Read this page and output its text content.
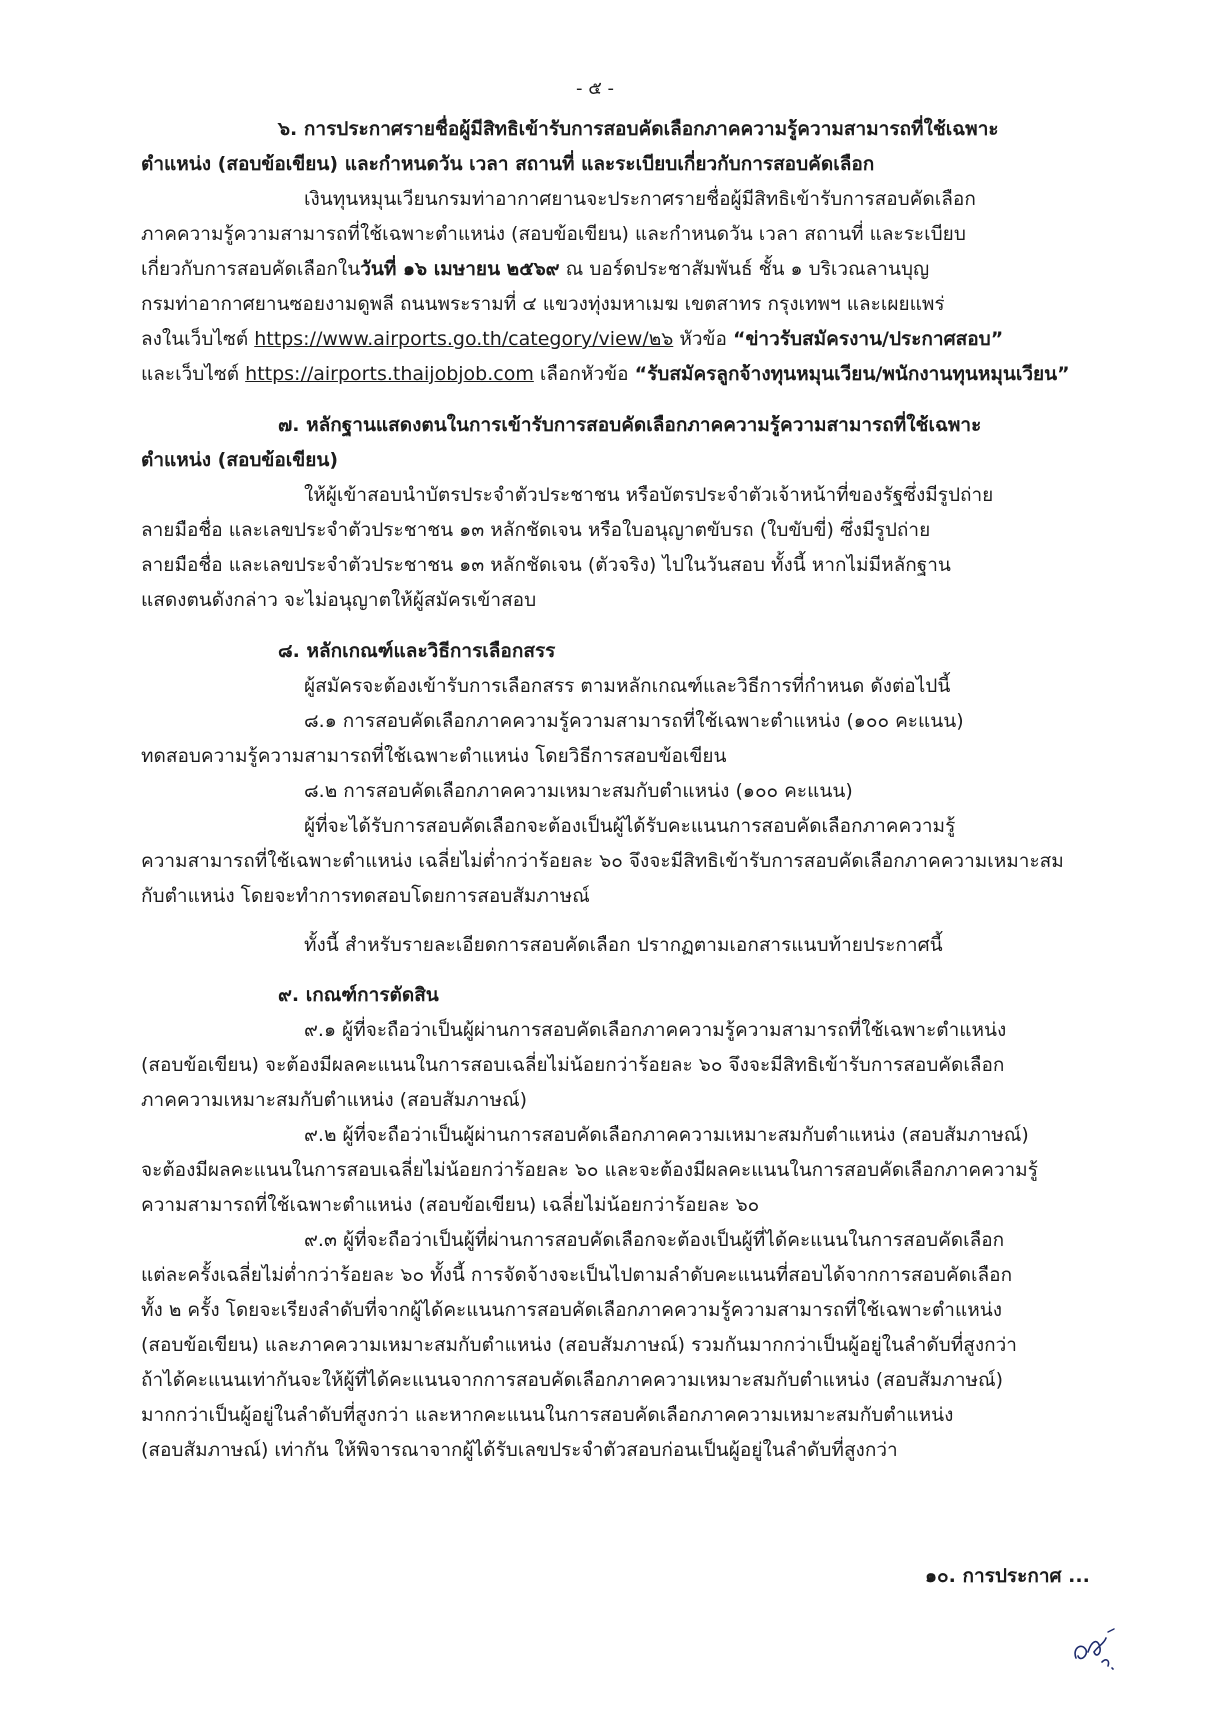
- ๕ -
๖. การประกาศรายชื่อผู้มีสิทธิเข้ารับการสอบคัดเลือกภาคความรู้ความสามารถที่ใช้เฉพาะ
ตำแหน่ง (สอบข้อเขียน) และกำหนดวัน เวลา สถานที่ และระเบียบเกี่ยวกับการสอบคัดเลือก
เงินทุนหมุนเวียนกรมท่าอากาศยานจะประกาศรายชื่อผู้มีสิทธิเข้ารับการสอบคัดเลือก
ภาคความรู้ความสามารถที่ใช้เฉพาะตำแหน่ง (สอบข้อเขียน) และกำหนดวัน เวลา สถานที่ และระเบียบ
เกี่ยวกับการสอบคัดเลือกในวันที่ ๑๖ เมษายน ๒๕๖๙ ณ บอร์ดประชาสัมพันธ์ ชั้น ๑ บริเวณลานบุญ
กรมท่าอากาศยานซอยงามดูพลี ถนนพระรามที่ ๔ แขวงทุ่งมหาเมฆ เขตสาทร กรุงเทพฯ และเผยแพร่
ลงในเว็บไซต์ https://www.airports.go.th/category/view/๒๖ หัวข้อ “ข่าวรับสมัครงาน/ประกาศสอบ”
และเว็บไซต์ https://airports.thaijobjob.com เลือกหัวข้อ “รับสมัครลูกจ้างทุนหมุนเวียน/พนักงานทุนหมุนเวียน”
๗. หลักฐานแสดงตนในการเข้ารับการสอบคัดเลือกภาคความรู้ความสามารถที่ใช้เฉพาะ
ตำแหน่ง (สอบข้อเขียน)
ให้ผู้เข้าสอบนำบัตรประจำตัวประชาชน หรือบัตรประจำตัวเจ้าหน้าที่ของรัฐซึ่งมีรูปถ่าย
ลายมือชื่อ และเลขประจำตัวประชาชน ๑๓ หลักชัดเจน หรือใบอนุญาตขับรถ (ใบขับขี่) ซึ่งมีรูปถ่าย
ลายมือชื่อ และเลขประจำตัวประชาชน ๑๓ หลักชัดเจน (ตัวจริง) ไปในวันสอบ ทั้งนี้ หากไม่มีหลักฐาน
แสดงตนดังกล่าว จะไม่อนุญาตให้ผู้สมัครเข้าสอบ
๘. หลักเกณฑ์และวิธีการเลือกสรร
ผู้สมัครจะต้องเข้ารับการเลือกสรร ตามหลักเกณฑ์และวิธีการที่กำหนด ดังต่อไปนี้
๘.๑ การสอบคัดเลือกภาคความรู้ความสามารถที่ใช้เฉพาะตำแหน่ง (๑๐๐ คะแนน)
ทดสอบความรู้ความสามารถที่ใช้เฉพาะตำแหน่ง โดยวิธีการสอบข้อเขียน
๘.๒ การสอบคัดเลือกภาคความเหมาะสมกับตำแหน่ง (๑๐๐ คะแนน)
ผู้ที่จะได้รับการสอบคัดเลือกจะต้องเป็นผู้ได้รับคะแนนการสอบคัดเลือกภาคความรู้
ความสามารถที่ใช้เฉพาะตำแหน่ง เฉลี่ยไม่ต่ำกว่าร้อยละ ๖๐ จึงจะมีสิทธิเข้ารับการสอบคัดเลือกภาคความเหมาะสม
กับตำแหน่ง โดยจะทำการทดสอบโดยการสอบสัมภาษณ์
ทั้งนี้ สำหรับรายละเอียดการสอบคัดเลือก ปรากฏตามเอกสารแนบท้ายประกาศนี้
๙. เกณฑ์การตัดสิน
๙.๑ ผู้ที่จะถือว่าเป็นผู้ผ่านการสอบคัดเลือกภาคความรู้ความสามารถที่ใช้เฉพาะตำแหน่ง
(สอบข้อเขียน) จะต้องมีผลคะแนนในการสอบเฉลี่ยไม่น้อยกว่าร้อยละ ๖๐ จึงจะมีสิทธิเข้ารับการสอบคัดเลือก
ภาคความเหมาะสมกับตำแหน่ง (สอบสัมภาษณ์)
๙.๒ ผู้ที่จะถือว่าเป็นผู้ผ่านการสอบคัดเลือกภาคความเหมาะสมกับตำแหน่ง (สอบสัมภาษณ์)
จะต้องมีผลคะแนนในการสอบเฉลี่ยไม่น้อยกว่าร้อยละ ๖๐ และจะต้องมีผลคะแนนในการสอบคัดเลือกภาคความรู้
ความสามารถที่ใช้เฉพาะตำแหน่ง (สอบข้อเขียน) เฉลี่ยไม่น้อยกว่าร้อยละ ๖๐
๙.๓ ผู้ที่จะถือว่าเป็นผู้ที่ผ่านการสอบคัดเลือกจะต้องเป็นผู้ที่ได้คะแนนในการสอบคัดเลือก
แต่ละครั้งเฉลี่ยไม่ต่ำกว่าร้อยละ ๖๐ ทั้งนี้ การจัดจ้างจะเป็นไปตามลำดับคะแนนที่สอบได้จากการสอบคัดเลือก
ทั้ง ๒ ครั้ง โดยจะเรียงลำดับที่จากผู้ได้คะแนนการสอบคัดเลือกภาคความรู้ความสามารถที่ใช้เฉพาะตำแหน่ง
(สอบข้อเขียน) และภาคความเหมาะสมกับตำแหน่ง (สอบสัมภาษณ์) รวมกันมากกว่าเป็นผู้อยู่ในลำดับที่สูงกว่า
ถ้าได้คะแนนเท่ากันจะให้ผู้ที่ได้คะแนนจากการสอบคัดเลือกภาคความเหมาะสมกับตำแหน่ง (สอบสัมภาษณ์)
มากกว่าเป็นผู้อยู่ในลำดับที่สูงกว่า และหากคะแนนในการสอบคัดเลือกภาคความเหมาะสมกับตำแหน่ง
(สอบสัมภาษณ์) เท่ากัน ให้พิจารณาจากผู้ได้รับเลขประจำตัวสอบก่อนเป็นผู้อยู่ในลำดับที่สูงกว่า
๑๐. การประกาศ ...
